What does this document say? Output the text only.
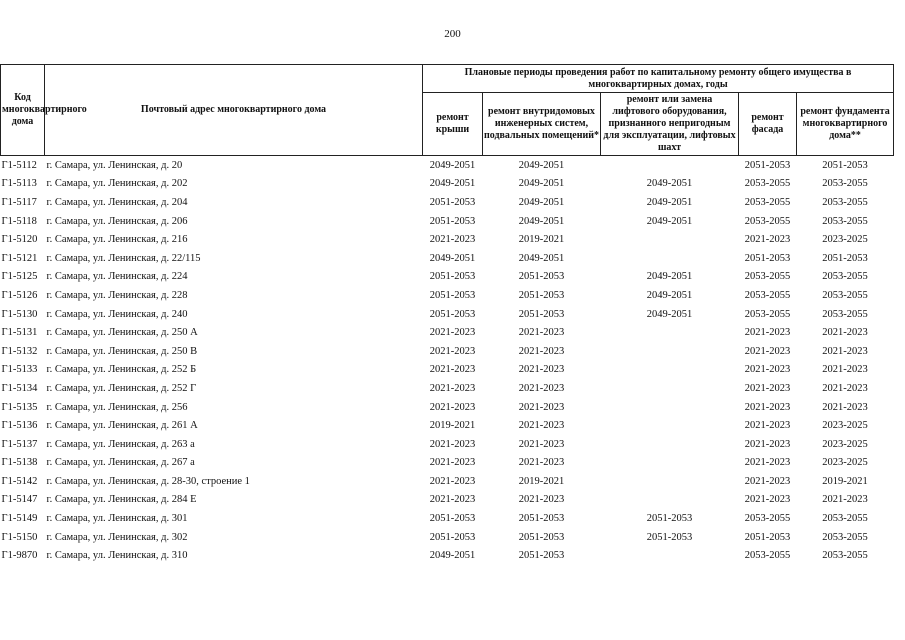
200
Код многоквартирного дома	Почтовый адрес многоквартирного дома	Плановые периоды проведения работ по капитальному ремонту общего имущества в многоквартирных домах, годы				
		ремонт крыши	ремонт внутридомовых инженерных систем, подвальных помещений*	ремонт или замена лифтового оборудования, признанного непригодным для эксплуатации, лифтовых шахт	ремонт фасада	ремонт фундамента многоквартирного дома**
Г1-5112	г. Самара, ул. Ленинская, д. 20	2049-2051	2049-2051		2051-2053	2051-2053
Г1-5113	г. Самара, ул. Ленинская, д. 202	2049-2051	2049-2051	2049-2051	2053-2055	2053-2055
Г1-5117	г. Самара, ул. Ленинская, д. 204	2051-2053	2049-2051	2049-2051	2053-2055	2053-2055
Г1-5118	г. Самара, ул. Ленинская, д. 206	2051-2053	2049-2051	2049-2051	2053-2055	2053-2055
Г1-5120	г. Самара, ул. Ленинская, д. 216	2021-2023	2019-2021		2021-2023	2023-2025
Г1-5121	г. Самара, ул. Ленинская, д. 22/115	2049-2051	2049-2051		2051-2053	2051-2053
Г1-5125	г. Самара, ул. Ленинская, д. 224	2051-2053	2051-2053	2049-2051	2053-2055	2053-2055
Г1-5126	г. Самара, ул. Ленинская, д. 228	2051-2053	2051-2053	2049-2051	2053-2055	2053-2055
Г1-5130	г. Самара, ул. Ленинская, д. 240	2051-2053	2051-2053	2049-2051	2053-2055	2053-2055
Г1-5131	г. Самара, ул. Ленинская, д. 250 А	2021-2023	2021-2023		2021-2023	2021-2023
Г1-5132	г. Самара, ул. Ленинская, д. 250 В	2021-2023	2021-2023		2021-2023	2021-2023
Г1-5133	г. Самара, ул. Ленинская, д. 252 Б	2021-2023	2021-2023		2021-2023	2021-2023
Г1-5134	г. Самара, ул. Ленинская, д. 252 Г	2021-2023	2021-2023		2021-2023	2021-2023
Г1-5135	г. Самара, ул. Ленинская, д. 256	2021-2023	2021-2023		2021-2023	2021-2023
Г1-5136	г. Самара, ул. Ленинская, д. 261 А	2019-2021	2021-2023		2021-2023	2023-2025
Г1-5137	г. Самара, ул. Ленинская, д. 263 а	2021-2023	2021-2023		2021-2023	2023-2025
Г1-5138	г. Самара, ул. Ленинская, д. 267 а	2021-2023	2021-2023		2021-2023	2023-2025
Г1-5142	г. Самара, ул. Ленинская, д. 28-30, строение 1	2021-2023	2019-2021		2021-2023	2019-2021
Г1-5147	г. Самара, ул. Ленинская, д. 284 Е	2021-2023	2021-2023		2021-2023	2021-2023
Г1-5149	г. Самара, ул. Ленинская, д. 301	2051-2053	2051-2053	2051-2053	2053-2055	2053-2055
Г1-5150	г. Самара, ул. Ленинская, д. 302	2051-2053	2051-2053	2051-2053	2051-2053	2053-2055
Г1-9870	г. Самара, ул. Ленинская, д. 310	2049-2051	2051-2053		2053-2055	2053-2055
